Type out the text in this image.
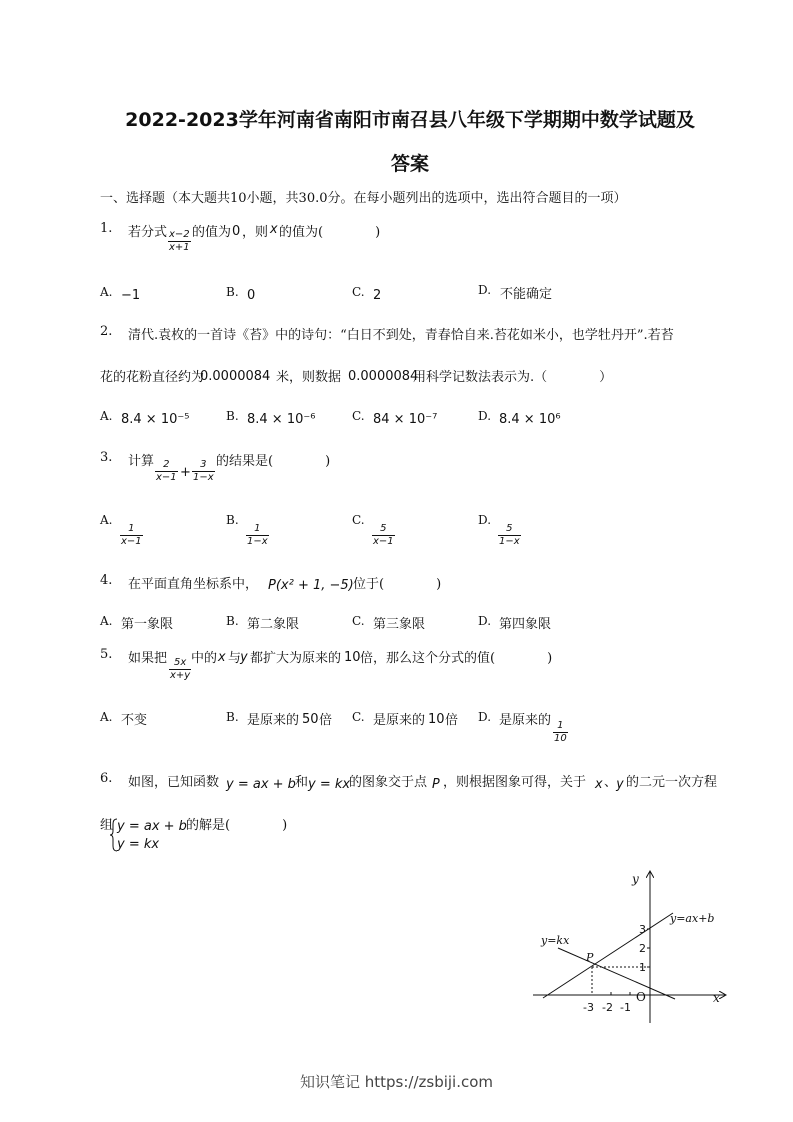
2022-2023学年河南省南阳市南召县八年级下学期期中数学试题及
答案
一、选择题（本大题共10小题，共30.0分。在每小题列出的选项中，选出符合题目的一项）
1. 若分式 $\frac{x-2}{x+1}$ 的值为 0 ，则 x 的值为(　　　　)
A. −1	B. 0	C. 2	D. 不能确定
2. 清代.袁枚的一首诗《苔》中的诗句：“白日不到处，青春恰自来.苔花如米小，也学牡丹开”.若苔
花的花粉直径约为
0.0000084 米，则数据 0.0000084
用科学记数法表示为.（　　　　）
A. 8.4 × 10⁻⁵	B. 8.4 × 10⁻⁶	C. 84 × 10⁻⁷	D. 8.4 × 10⁶
3. 计算 $\frac{2}{x-1} + \frac{3}{1-x}$ 的结果是(　　　　)
A.
$\frac{1}{x-1}$
B.
$\frac{1}{1-x}$
C.
$\frac{5}{x-1}$
D.
$\frac{5}{1-x}$
4. 在平面直角坐标系中， P(x² + 1, −5) 位于(　　　　)
A. 第一象限	B. 第二象限	C. 第三象限	D. 第四象限
5. 如果把 $\frac{5x}{x+y}$ 中的 x 与
y 都扩大为原来的 10 倍，那么这个分式的值(　　　　)
A. 不变	B. 是原来的 50 倍 C. 是原来的 10 倍 D. 是原来的 $\frac{1}{10}$
6. 如图，已知函数 y = ax + b 和 y = kx
的图象交于点 P ，则根据图象可得，关于 x 、
y 的二元一次方程
组 y = ax + b
y = kx
的解是(　　　　)
y
x
O
y=ax+b
y=kx
P
-3 -2 -1
1
2
3
知识笔记 https://zsbiji.com
